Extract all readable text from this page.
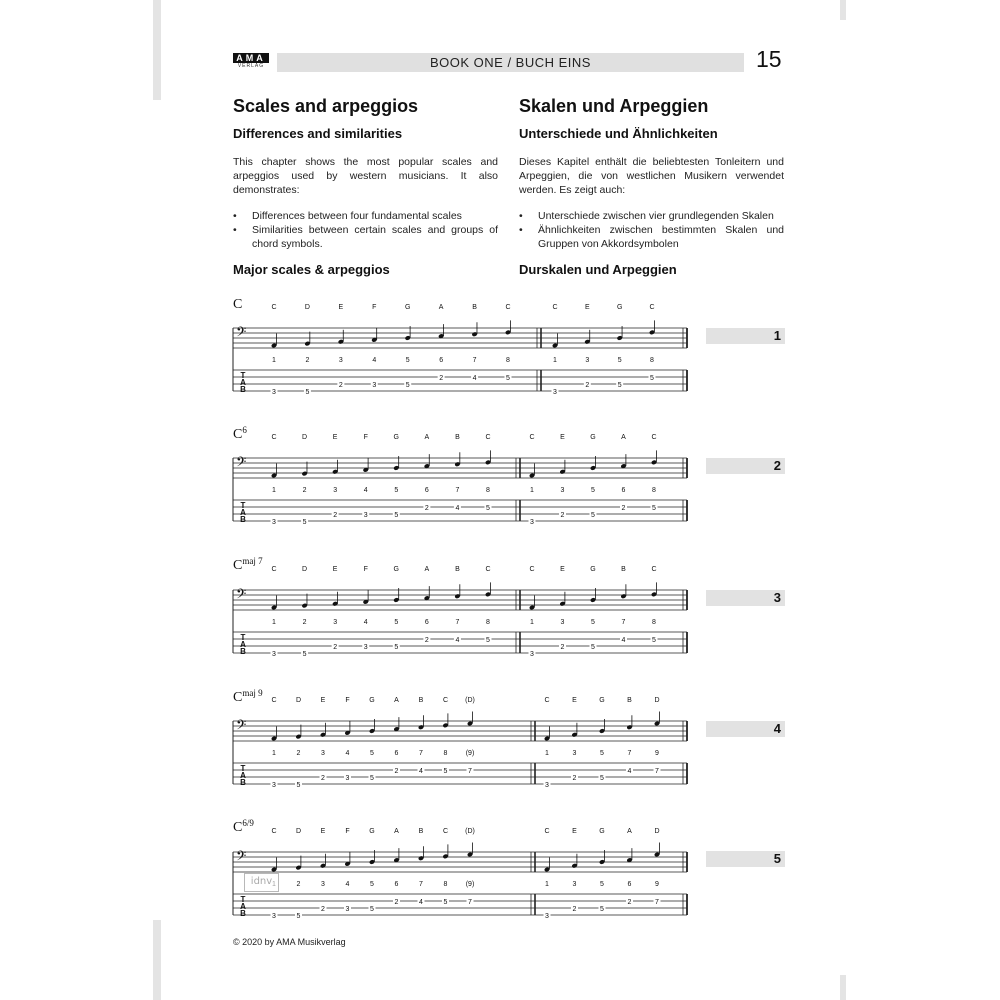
AMA
VERLAG	BOOK ONE / BUCH EINS	15
Scales and arpeggios
Differences and similarities
This chapter shows the most popular scales and arpeggios used by western musicians. It also demonstrates:
• Differences between four fundamental scales
• Similarities between certain scales and groups of chord symbols.
Major scales & arpeggios
Skalen und Arpeggien
Unterschiede und Ähnlichkeiten
Dieses Kapitel enthält die beliebtesten Tonleitern und Arpeggien, die von westlichen Musikern verwendet werden. Es zeigt auch:
• Unterschiede zwischen vier grundlegenden Skalen
• Ähnlichkeiten zwischen bestimmten Skalen und Gruppen von Akkordsymbolen
Durskalen und Arpeggien
C
$C^6$
$C^{maj 7}$
$C^{maj 9}$
$C^{6/9}$
1
2
3
4
5
𝄢
T
A
B
C
1
3
D
2
5
E
3
2
F
4
3
G
5
5
A
6
2
B
7
4
C
8
5
C
1
3
E
3
2
G
5
5
C
8
5
𝄢
T
A
B
C
1
3
D
2
5
E
3
2
F
4
3
G
5
5
A
6
2
B
7
4
C
8
5
C
1
3
E
3
2
G
5
5
A
6
2
C
8
5
𝄢
T
A
B
C
1
3
D
2
5
E
3
2
F
4
3
G
5
5
A
6
2
B
7
4
C
8
5
C
1
3
E
3
2
G
5
5
B
7
4
C
8
5
𝄢
T
A
B
C
1
3
D
2
5
E
3
2
F
4
3
G
5
5
A
6
2
B
7
4
C
8
5
(D)
(9)
7
C
1
3
E
3
2
G
5
5
B
7
4
D
9
7
𝄢
T
A
B
C
3
D
2
5
E
3
2
F
4
3
G
5
5
A
6
2
B
7
4
C
8
5
(D)
(9)
7
C
1
3
E
3
2
G
5
5
A
6
2
D
9
7
idnv
© 2020 by AMA Musikverlag
